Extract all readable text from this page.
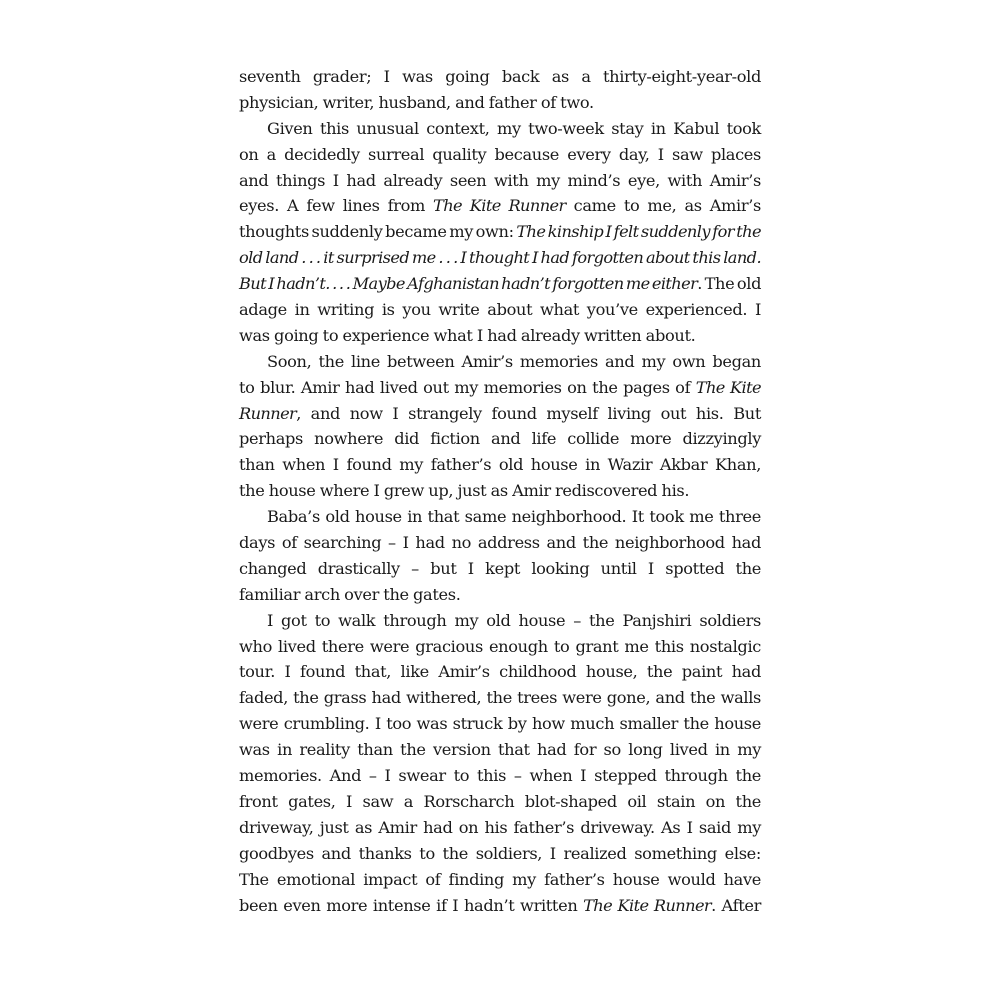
seventh grader; I was going back as a thirty-eight-year-old
physician, writer, husband, and father of two.
Given this unusual context, my two-week stay in Kabul took
on a decidedly surreal quality because every day, I saw places
and things I had already seen with my mind’s eye, with Amir’s
eyes. A few lines from The Kite Runner came to me, as Amir’s
thoughts suddenly became my own: The kinship I felt suddenly for the
old land . . . it surprised me . . . I thought I had forgotten about this land.
But I hadn’t. . . . Maybe Afghanistan hadn’t forgotten me either. The old
adage in writing is you write about what you’ve experienced. I
was going to experience what I had already written about.
Soon, the line between Amir’s memories and my own began
to blur. Amir had lived out my memories on the pages of The Kite
Runner, and now I strangely found myself living out his. But
perhaps nowhere did fiction and life collide more dizzyingly
than when I found my father’s old house in Wazir Akbar Khan,
the house where I grew up, just as Amir rediscovered his.
Baba’s old house in that same neighborhood. It took me three
days of searching – I had no address and the neighborhood had
changed drastically – but I kept looking until I spotted the
familiar arch over the gates.
I got to walk through my old house – the Panjshiri soldiers
who lived there were gracious enough to grant me this nostalgic
tour. I found that, like Amir’s childhood house, the paint had
faded, the grass had withered, the trees were gone, and the walls
were crumbling. I too was struck by how much smaller the house
was in reality than the version that had for so long lived in my
memories. And – I swear to this – when I stepped through the
front gates, I saw a Rorscharch blot-shaped oil stain on the
driveway, just as Amir had on his father’s driveway. As I said my
goodbyes and thanks to the soldiers, I realized something else:
The emotional impact of finding my father’s house would have
been even more intense if I hadn’t written The Kite Runner. After
